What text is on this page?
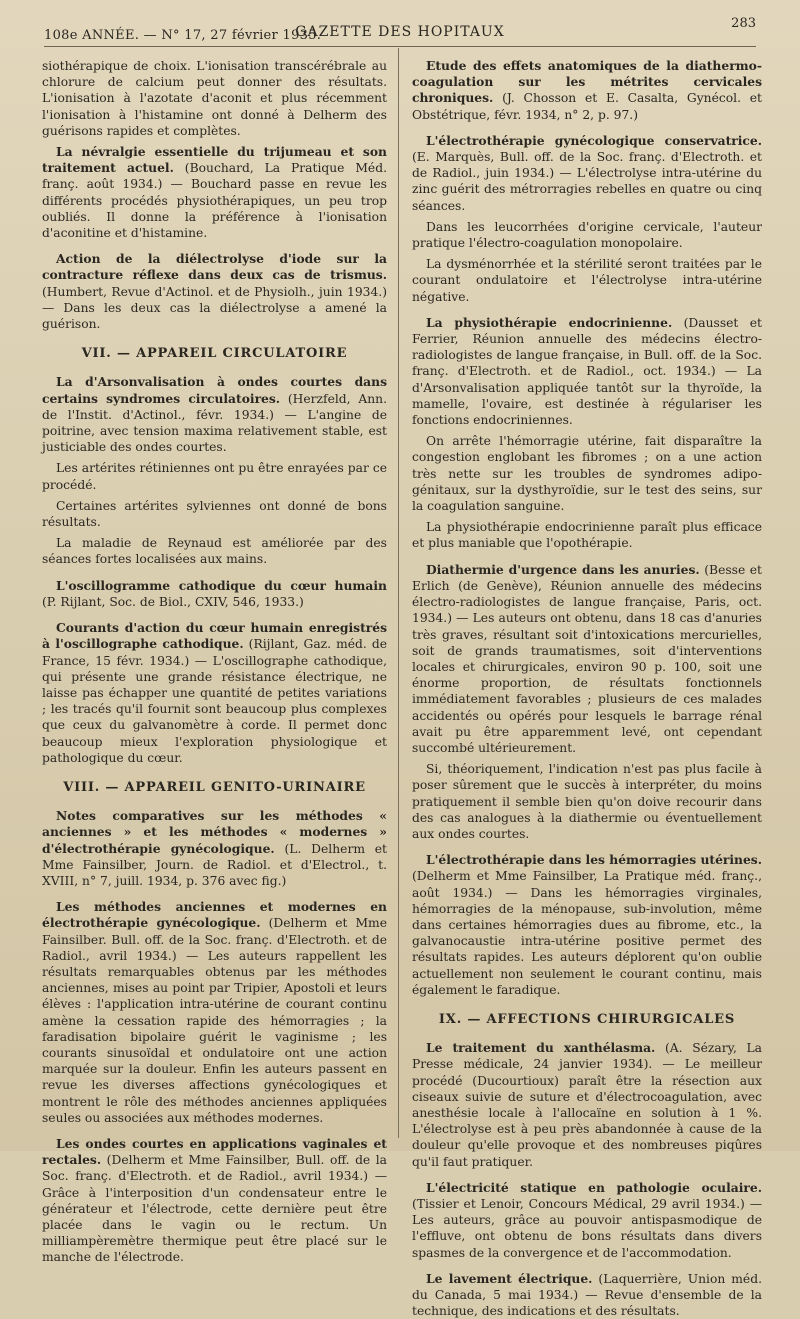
108e ANNÉE. — N° 17, 27 février 1935.
GAZETTE DES HOPITAUX
283

siothérapique de choix. L'ionisation transcérébrale au chlorure de calcium peut donner des résultats. L'ionisation à l'azotate d'aconit et plus récemment l'ionisation à l'histamine ont donné à Delherm des guérisons rapides et complètes.

La névralgie essentielle du trijumeau et son traitement actuel. (Bouchard, La Pratique Méd. franç. août 1934.) — Bouchard passe en revue les différents procédés physiothérapiques, un peu trop oubliés. Il donne la préférence à l'ionisation d'aconitine et d'histamine.

Action de la diélectrolyse d'iode sur la contracture réflexe dans deux cas de trismus. (Humbert, Revue d'Actinol. et de Physiolh., juin 1934.) — Dans les deux cas la diélectrolyse a amené la guérison.

VII. — APPAREIL CIRCULATOIRE

La d'Arsonvalisation à ondes courtes dans certains syndromes circulatoires. (Herzfeld, Ann. de l'Instit. d'Actinol., févr. 1934.) — L'angine de poitrine, avec tension maxima relativement stable, est justiciable des ondes courtes.

Les artérites rétiniennes ont pu être enrayées par ce procédé.

Certaines artérites sylviennes ont donné de bons résultats.

La maladie de Reynaud est améliorée par des séances fortes localisées aux mains.

L'oscillogramme cathodique du cœur humain (P. Rijlant, Soc. de Biol., CXIV, 546, 1933.)

Courants d'action du cœur humain enregistrés à l'oscillographe cathodique. (Rijlant, Gaz. méd. de France, 15 févr. 1934.) — L'oscillographe cathodique, qui présente une grande résistance électrique, ne laisse pas échapper une quantité de petites variations ; les tracés qu'il fournit sont beaucoup plus complexes que ceux du galvanomètre à corde. Il permet donc beaucoup mieux l'exploration physiologique et pathologique du cœur.

VIII. — APPAREIL GENITO-URINAIRE

Notes comparatives sur les méthodes « anciennes » et les méthodes « modernes » d'électrothérapie gynécologique. (L. Delherm et Mme Fainsilber, Journ. de Radiol. et d'Electrol., t. XVIII, n° 7, juill. 1934, p. 376 avec fig.)

Les méthodes anciennes et modernes en électrothérapie gynécologique. (Delherm et Mme Fainsilber. Bull. off. de la Soc. franç. d'Electroth. et de Radiol., avril 1934.) — Les auteurs rappellent les résultats remarquables obtenus par les méthodes anciennes, mises au point par Tripier, Apostoli et leurs élèves : l'application intra-utérine de courant continu amène la cessation rapide des hémorragies ; la faradisation bipolaire guérit le vaginisme ; les courants sinusoïdal et ondulatoire ont une action marquée sur la douleur. Enfin les auteurs passent en revue les diverses affections gynécologiques et montrent le rôle des méthodes anciennes appliquées seules ou associées aux méthodes modernes.

Les ondes courtes en applications vaginales et rectales. (Delherm et Mme Fainsilber, Bull. off. de la Soc. franç. d'Electroth. et de Radiol., avril 1934.) — Grâce à l'interposition d'un condensateur entre le générateur et l'électrode, cette dernière peut être placée dans le vagin ou le rectum. Un milliampèremètre thermique peut être placé sur le manche de l'électrode.

Etude des effets anatomiques de la diathermo-coagulation sur les métrites cervicales chroniques. (J. Chosson et E. Casalta, Gynécol. et Obstétrique, févr. 1934, n° 2, p. 97.)

L'électrothérapie gynécologique conservatrice. (E. Marquès, Bull. off. de la Soc. franç. d'Electroth. et de Radiol., juin 1934.) — L'électrolyse intra-utérine du zinc guérit des métrorragies rebelles en quatre ou cinq séances.

Dans les leucorrhées d'origine cervicale, l'auteur pratique l'électro-coagulation monopolaire.

La dysménorrhée et la stérilité seront traitées par le courant ondulatoire et l'électrolyse intra-utérine négative.

La physiothérapie endocrinienne. (Dausset et Ferrier, Réunion annuelle des médecins électro-radiologistes de langue française, in Bull. off. de la Soc. franç. d'Electroth. et de Radiol., oct. 1934.) — La d'Arsonvalisation appliquée tantôt sur la thyroïde, la mamelle, l'ovaire, est destinée à régulariser les fonctions endocriniennes.

On arrête l'hémorragie utérine, fait disparaître la congestion englobant les fibromes ; on a une action très nette sur les troubles de syndromes adipo-génitaux, sur la dysthyroïdie, sur le test des seins, sur la coagulation sanguine.

La physiothérapie endocrinienne paraît plus efficace et plus maniable que l'opothérapie.

Diathermie d'urgence dans les anuries. (Besse et Erlich (de Genève), Réunion annuelle des médecins électro-radiologistes de langue française, Paris, oct. 1934.) — Les auteurs ont obtenu, dans 18 cas d'anuries très graves, résultant soit d'intoxications mercurielles, soit de grands traumatismes, soit d'interventions locales et chirurgicales, environ 90 p. 100, soit une énorme proportion, de résultats fonctionnels immédiatement favorables ; plusieurs de ces malades accidentés ou opérés pour lesquels le barrage rénal avait pu être apparemment levé, ont cependant succombé ultérieurement.

Si, théoriquement, l'indication n'est pas plus facile à poser sûrement que le succès à interpréter, du moins pratiquement il semble bien qu'on doive recourir dans des cas analogues à la diathermie ou éventuellement aux ondes courtes.

L'électrothérapie dans les hémorragies utérines. (Delherm et Mme Fainsilber, La Pratique méd. franç., août 1934.) — Dans les hémorragies virginales, hémorragies de la ménopause, sub-involution, même dans certaines hémorragies dues au fibrome, etc., la galvanocaustie intra-utérine positive permet des résultats rapides. Les auteurs déplorent qu'on oublie actuellement non seulement le courant continu, mais également le faradique.

IX. — AFFECTIONS CHIRURGICALES

Le traitement du xanthélasma. (A. Sézary, La Presse médicale, 24 janvier 1934). — Le meilleur procédé (Ducourtioux) paraît être la résection aux ciseaux suivie de suture et d'électrocoagulation, avec anesthésie locale à l'allocaïne en solution à 1 %. L'électrolyse est à peu près abandonnée à cause de la douleur qu'elle provoque et des nombreuses piqûres qu'il faut pratiquer.

L'électricité statique en pathologie oculaire. (Tissier et Lenoir, Concours Médical, 29 avril 1934.) — Les auteurs, grâce au pouvoir antispasmodique de l'effluve, ont obtenu de bons résultats dans divers spasmes de la convergence et de l'accommodation.

Le lavement électrique. (Laquerrière, Union méd. du Canada, 5 mai 1934.) — Revue d'ensemble de la technique, des indications et des résultats.
